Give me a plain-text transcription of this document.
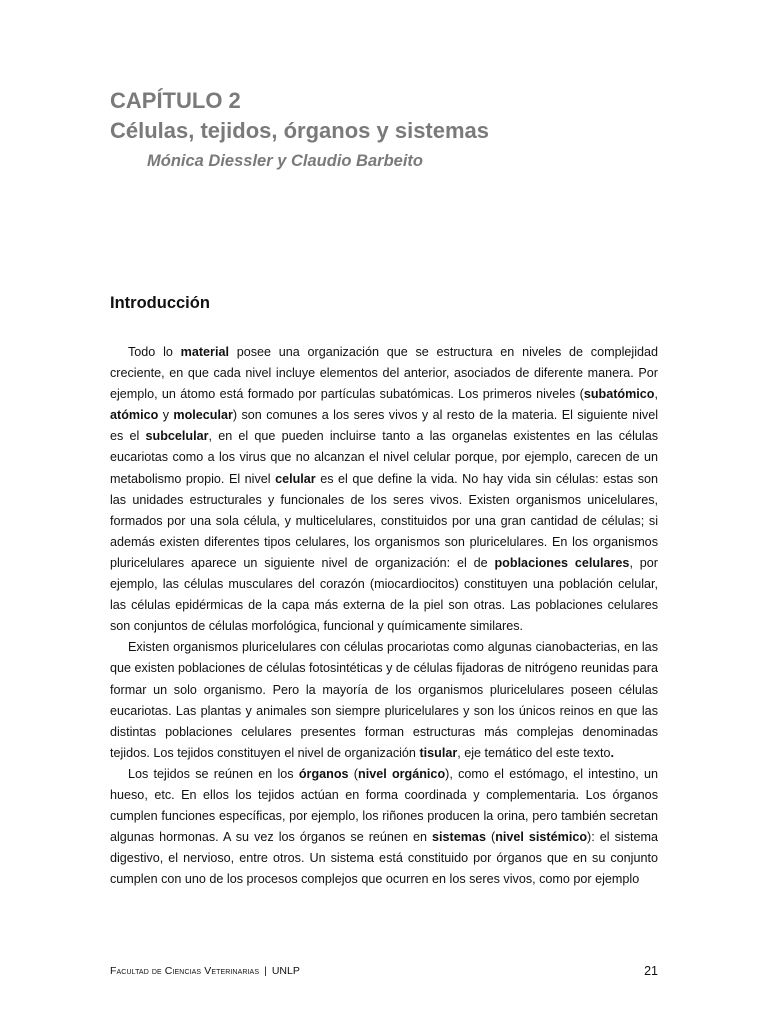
CAPÍTULO 2
Células, tejidos, órganos y sistemas

Mónica Diessler y Claudio Barbeito

Introducción

Todo lo material posee una organización que se estructura en niveles de complejidad creciente, en que cada nivel incluye elementos del anterior, asociados de diferente manera. Por ejemplo, un átomo está formado por partículas subatómicas. Los primeros niveles (subatómico, atómico y molecular) son comunes a los seres vivos y al resto de la materia. El siguiente nivel es el subcelular, en el que pueden incluirse tanto a las organelas existentes en las células eucariotas como a los virus que no alcanzan el nivel celular porque, por ejemplo, carecen de un metabolismo propio. El nivel celular es el que define la vida. No hay vida sin células: estas son las unidades estructurales y funcionales de los seres vivos. Existen organismos unicelulares, formados por una sola célula, y multicelulares, constituidos por una gran cantidad de células; si además existen diferentes tipos celulares, los organismos son pluricelulares. En los organismos pluricelulares aparece un siguiente nivel de organización: el de poblaciones celulares, por ejemplo, las células musculares del corazón (miocardiocitos) constituyen una población celular, las células epidérmicas de la capa más externa de la piel son otras. Las poblaciones celulares son conjuntos de células morfológica, funcional y químicamente similares.

Existen organismos pluricelulares con células procariotas como algunas cianobacterias, en las que existen poblaciones de células fotosintéticas y de células fijadoras de nitrógeno reunidas para formar un solo organismo. Pero la mayoría de los organismos pluricelulares poseen células eucariotas. Las plantas y animales son siempre pluricelulares y son los únicos reinos en que las distintas poblaciones celulares presentes forman estructuras más complejas denominadas tejidos. Los tejidos constituyen el nivel de organización tisular, eje temático del este texto.

Los tejidos se reúnen en los órganos (nivel orgánico), como el estómago, el intestino, un hueso, etc. En ellos los tejidos actúan en forma coordinada y complementaria. Los órganos cumplen funciones específicas, por ejemplo, los riñones producen la orina, pero también secretan algunas hormonas. A su vez los órganos se reúnen en sistemas (nivel sistémico): el sistema digestivo, el nervioso, entre otros. Un sistema está constituido por órganos que en su conjunto cumplen con uno de los procesos complejos que ocurren en los seres vivos, como por ejemplo

Facultad de Ciencias Veterinarias | UNLP	21
